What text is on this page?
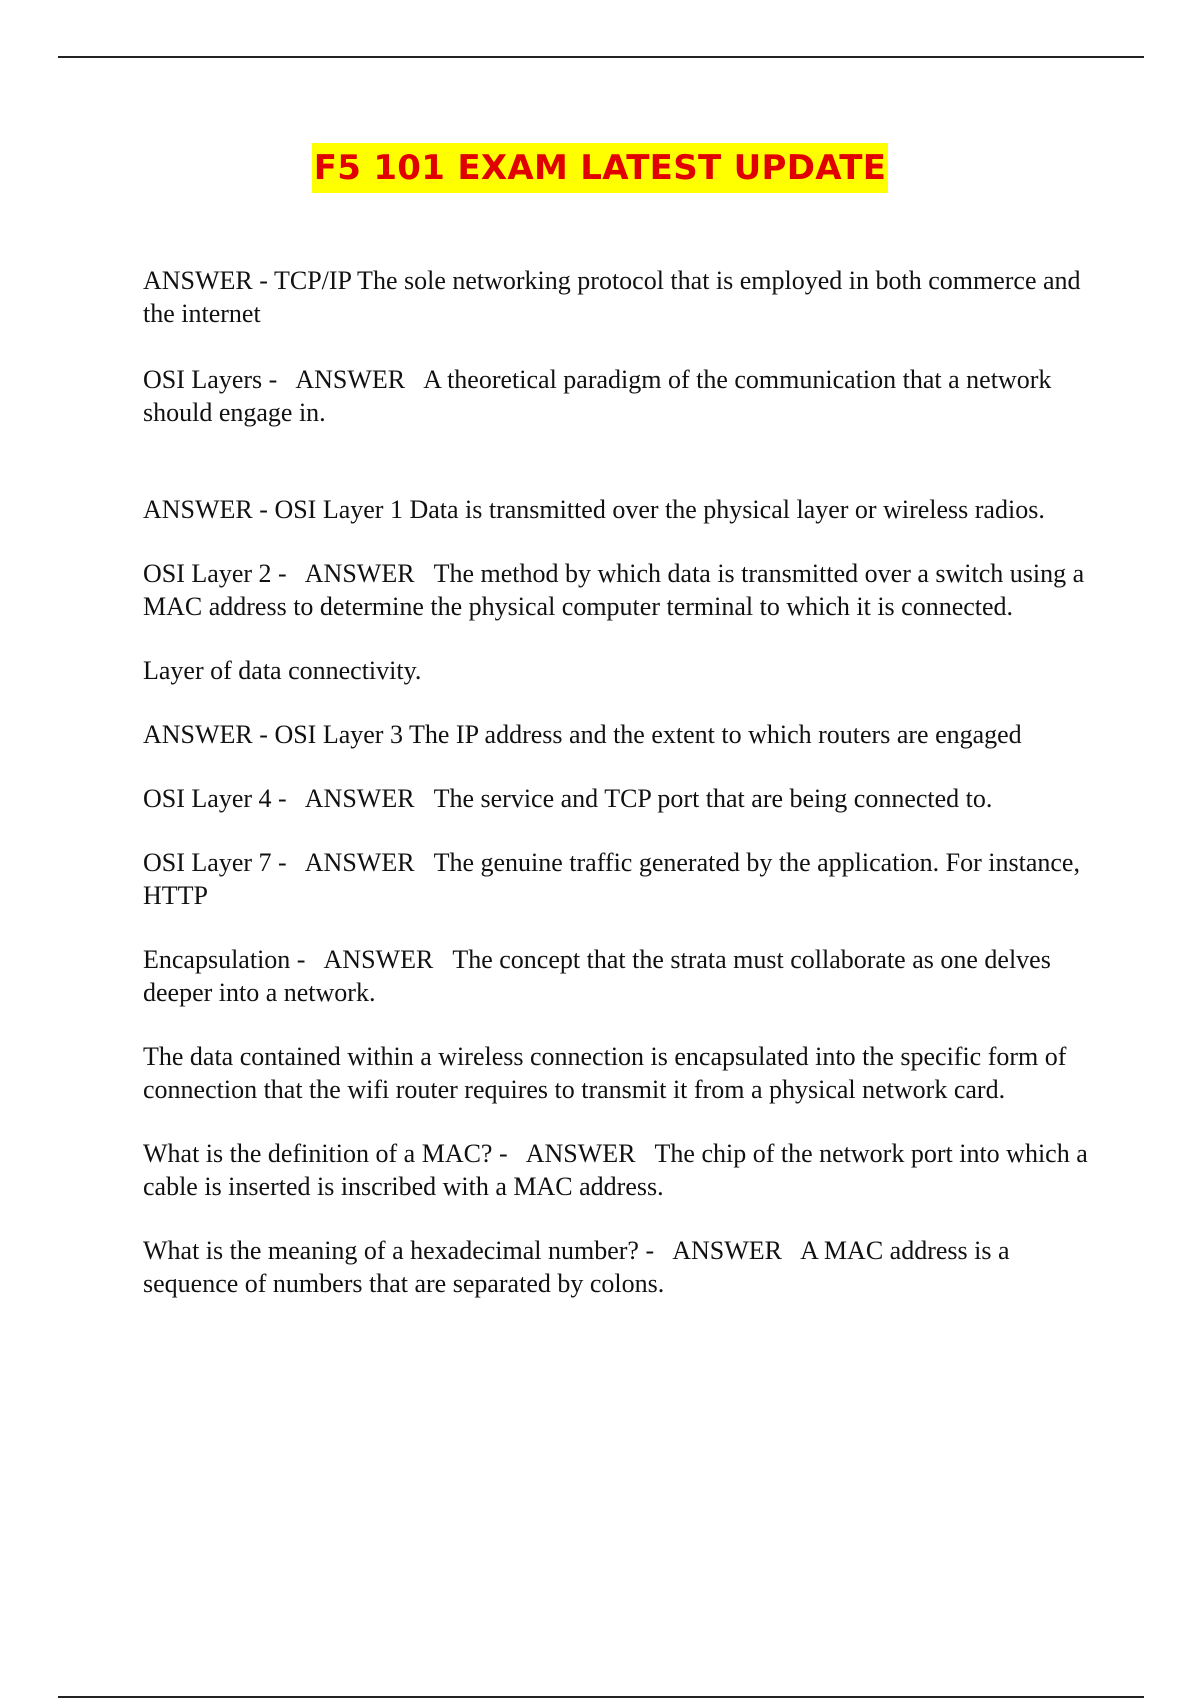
F5 101 EXAM LATEST UPDATE

ANSWER - TCP/IP The sole networking protocol that is employed in both commerce and the internet

OSI Layers -   ANSWER A theoretical paradigm of the communication that a network should engage in.

ANSWER - OSI Layer 1 Data is transmitted over the physical layer or wireless radios.

OSI Layer 2 -   ANSWER The method by which data is transmitted over a switch using a MAC address to determine the physical computer terminal to which it is connected.

Layer of data connectivity.

ANSWER - OSI Layer 3 The IP address and the extent to which routers are engaged

OSI Layer 4 -   ANSWER The service and TCP port that are being connected to.

OSI Layer 7 -   ANSWER The genuine traffic generated by the application. For instance, HTTP

Encapsulation -   ANSWER The concept that the strata must collaborate as one delves deeper into a network.

The data contained within a wireless connection is encapsulated into the specific form of connection that the wifi router requires to transmit it from a physical network card.

What is the definition of a MAC? -   ANSWER The chip of the network port into which a cable is inserted is inscribed with a MAC address.

What is the meaning of a hexadecimal number? -   ANSWER A MAC address is a sequence of numbers that are separated by colons.
